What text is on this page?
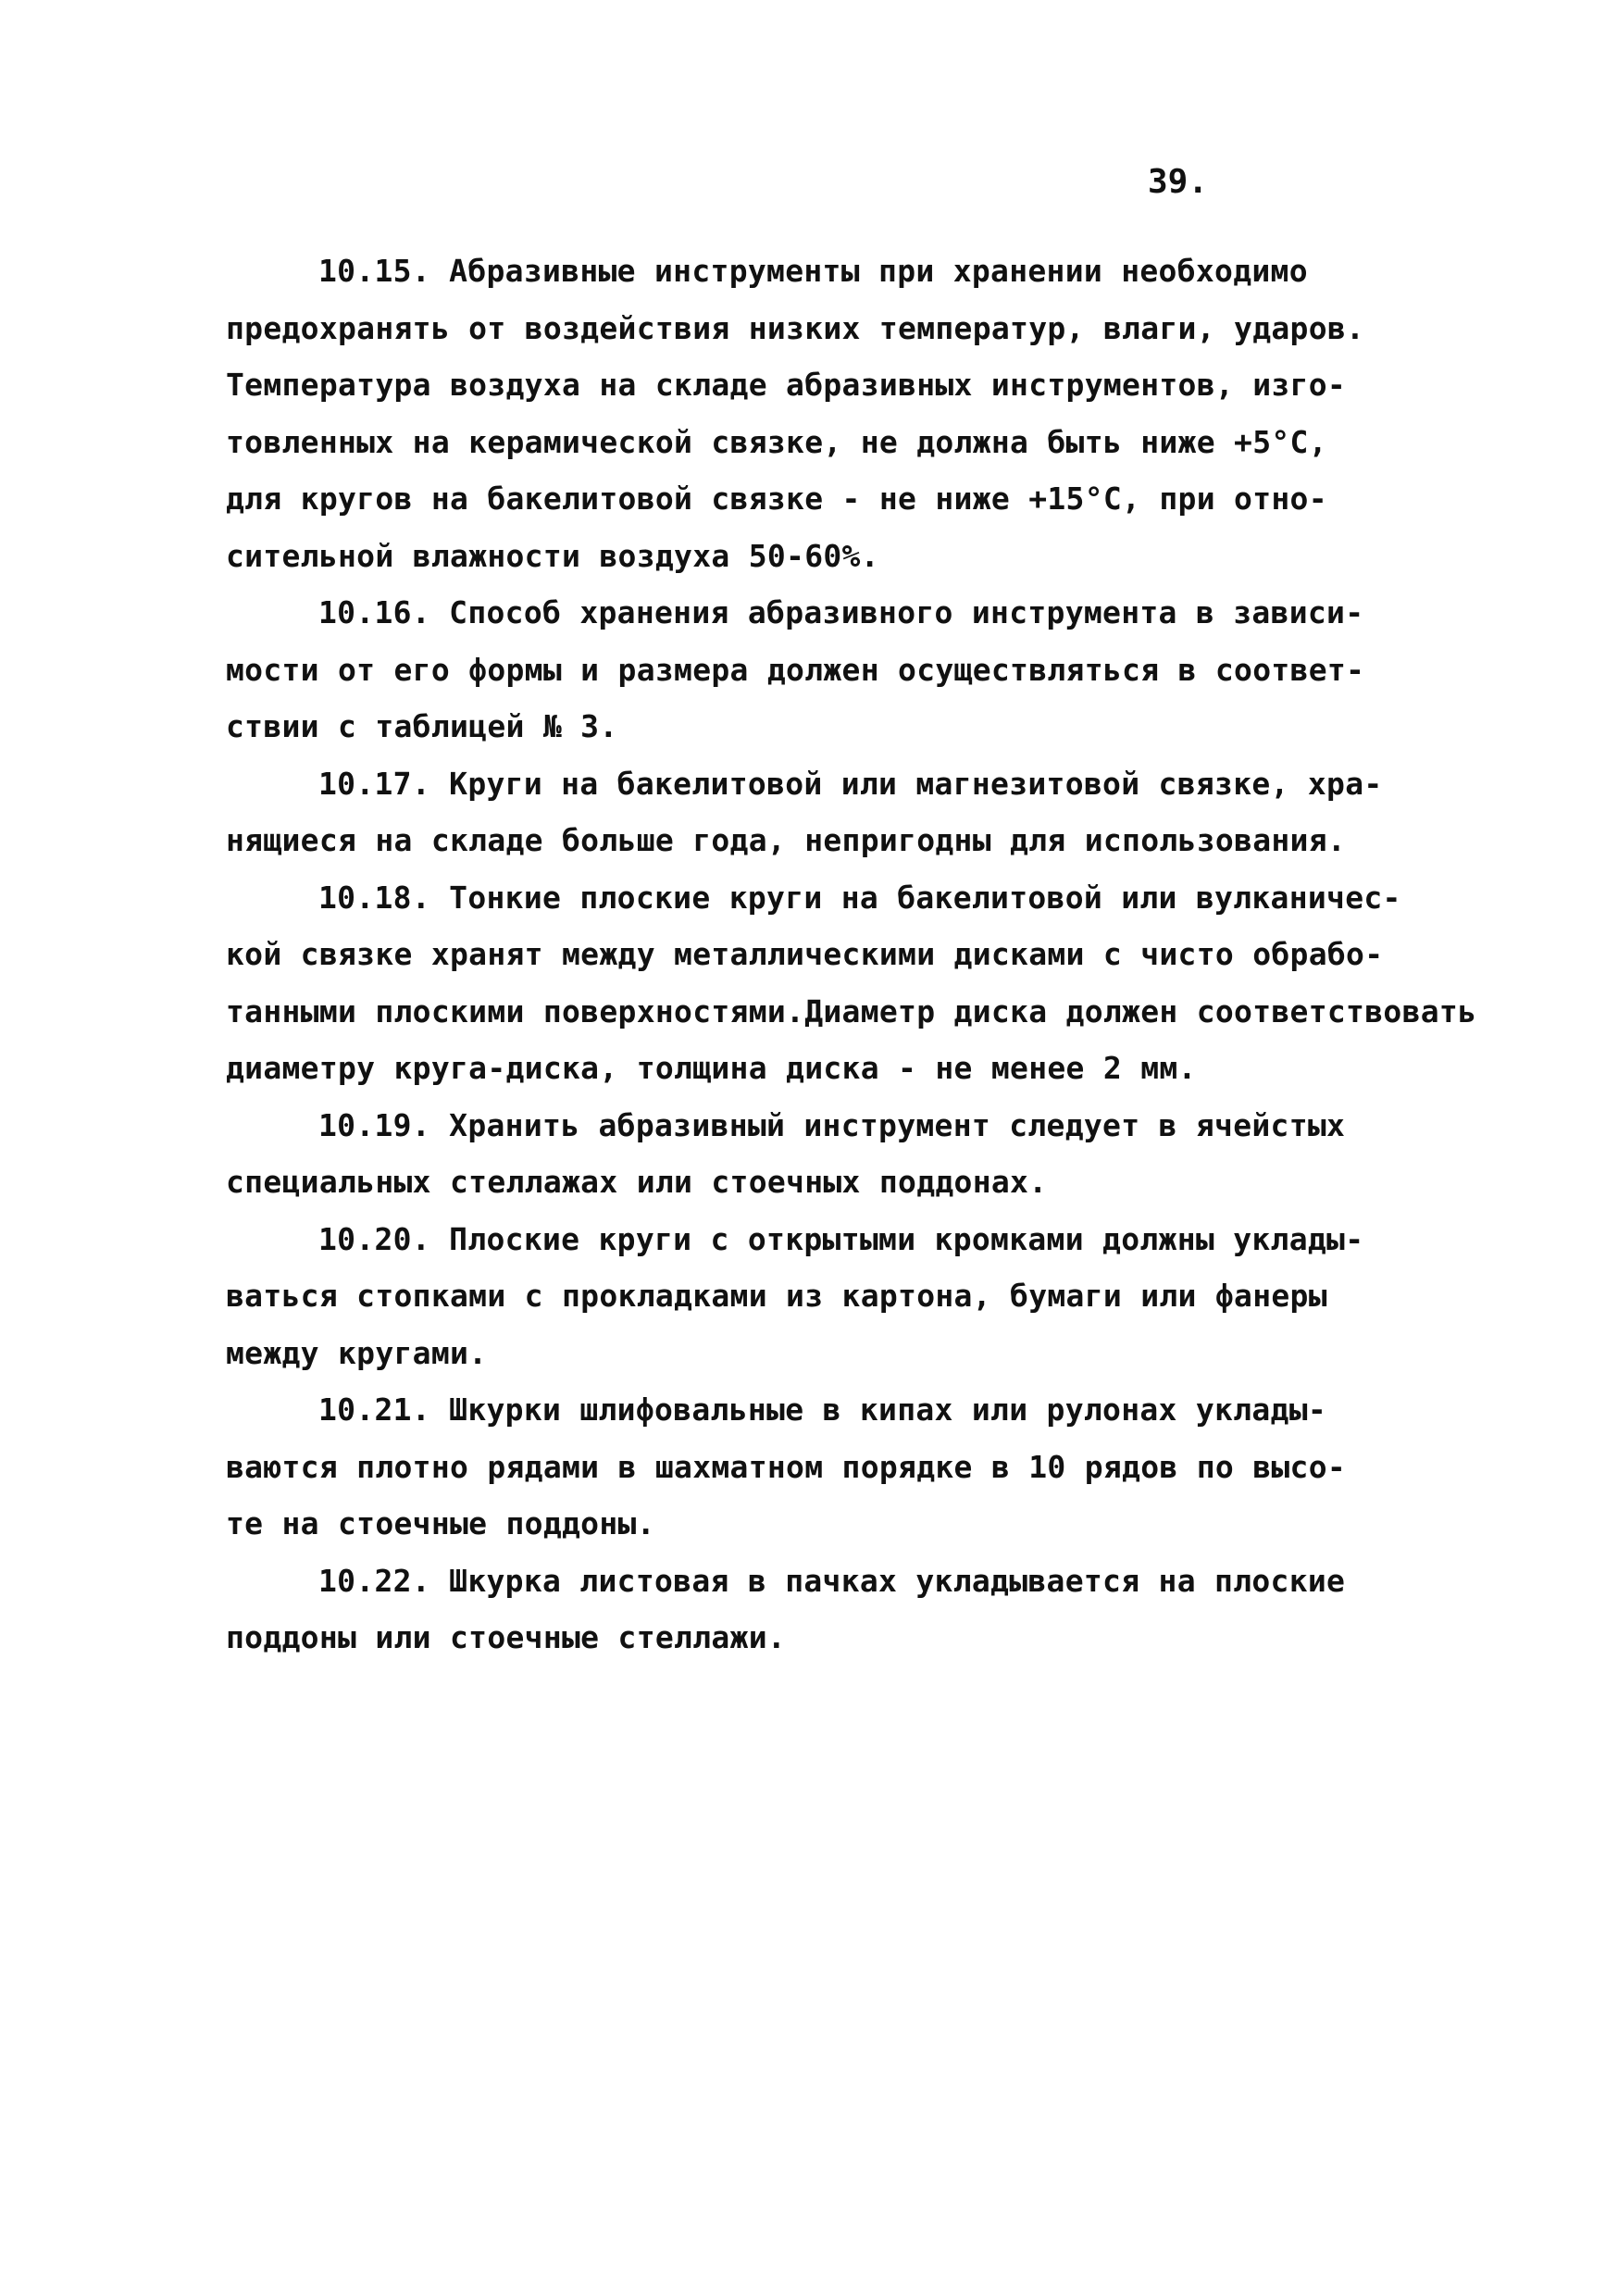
39.
10.15. Абразивные инструменты при хранении необходимо
предохранять от воздействия низких температур, влаги, ударов.
Температура воздуха на складе абразивных инструментов, изго-
товленных на керамической связке, не должна быть ниже +5°С,
для кругов на бакелитовой связке - не ниже +15°С, при отно-
сительной влажности воздуха 50-60%.
10.16. Способ хранения абразивного инструмента в зависи-
мости от его формы и размера должен осуществляться в соответ-
ствии с таблицей № 3.
10.17. Круги на бакелитовой или магнезитовой связке, хра-
нящиеся на складе больше года, непригодны для использования.
10.18. Тонкие плоские круги на бакелитовой или вулканичес-
кой связке хранят между металлическими дисками с чисто обрабо-
танными плоскими поверхностями.Диаметр диска должен соответствовать
диаметру круга-диска, толщина диска - не менее 2 мм.
10.19. Хранить абразивный инструмент следует в ячейстых
специальных стеллажах или стоечных поддонах.
10.20. Плоские круги с открытыми кромками должны уклады-
ваться стопками с прокладками из картона, бумаги или фанеры
между кругами.
10.21. Шкурки шлифовальные в кипах или рулонах уклады-
ваются плотно рядами в шахматном порядке в 10 рядов по высо-
те на стоечные поддоны.
10.22. Шкурка листовая в пачках укладывается на плоские
поддоны или стоечные стеллажи.
